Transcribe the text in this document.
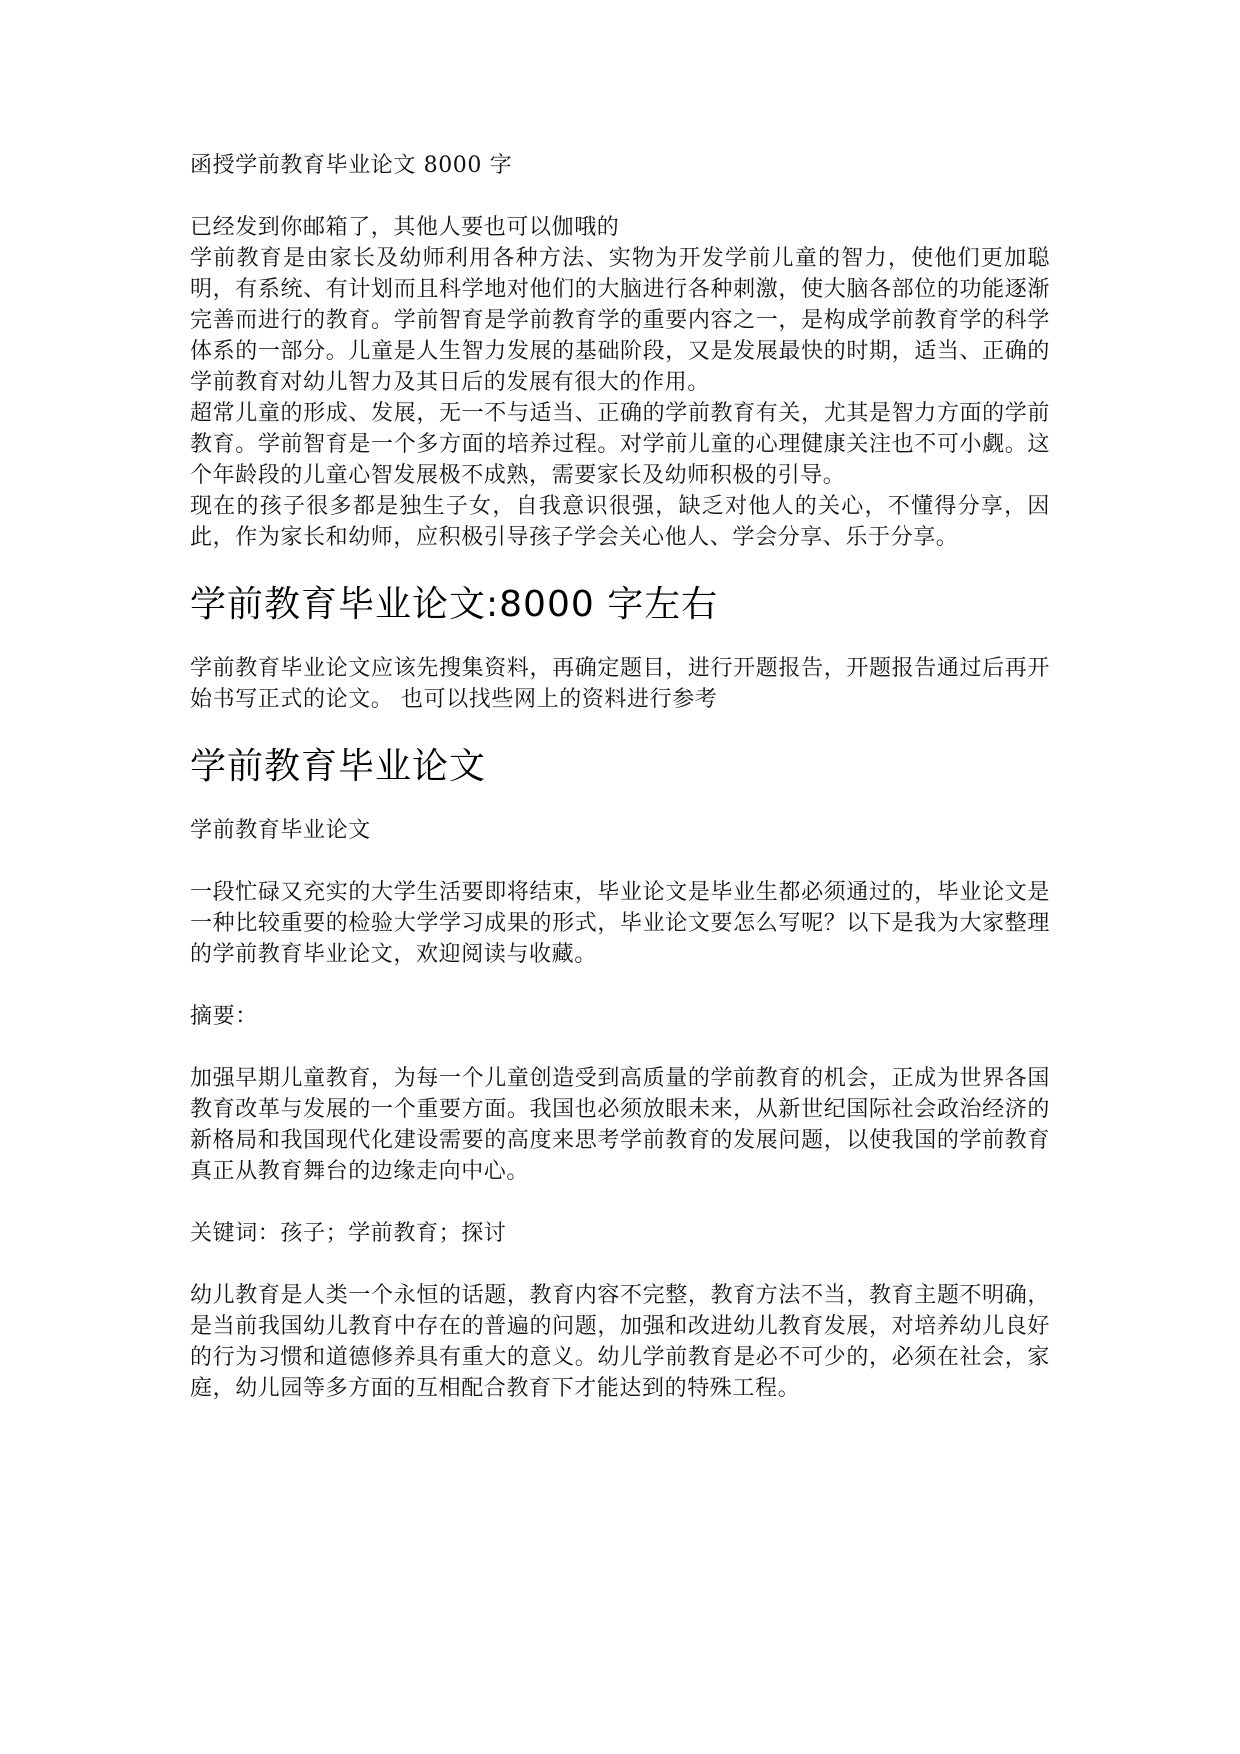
函授学前教育毕业论文 8000 字

已经发到你邮箱了，其他人要也可以伽哦的

学前教育是由家长及幼师利用各种方法、实物为开发学前儿童的智力，使他们更加聪明，有系统、有计划而且科学地对他们的大脑进行各种刺激，使大脑各部位的功能逐渐完善而进行的教育。学前智育是学前教育学的重要内容之一，是构成学前教育学的科学体系的一部分。儿童是人生智力发展的基础阶段，又是发展最快的时期，适当、正确的学前教育对幼儿智力及其日后的发展有很大的作用。

超常儿童的形成、发展，无一不与适当、正确的学前教育有关，尤其是智力方面的学前教育。学前智育是一个多方面的培养过程。对学前儿童的心理健康关注也不可小觑。这个年龄段的儿童心智发展极不成熟，需要家长及幼师积极的引导。

现在的孩子很多都是独生子女，自我意识很强，缺乏对他人的关心，不懂得分享，因此，作为家长和幼师，应积极引导孩子学会关心他人、学会分享、乐于分享。

学前教育毕业论文:8000 字左右

学前教育毕业论文应该先搜集资料，再确定题目，进行开题报告，开题报告通过后再开始书写正式的论文。 也可以找些网上的资料进行参考

学前教育毕业论文

学前教育毕业论文

一段忙碌又充实的大学生活要即将结束，毕业论文是毕业生都必须通过的，毕业论文是一种比较重要的检验大学学习成果的形式，毕业论文要怎么写呢？以下是我为大家整理的学前教育毕业论文，欢迎阅读与收藏。

摘要：

加强早期儿童教育，为每一个儿童创造受到高质量的学前教育的机会，正成为世界各国教育改革与发展的一个重要方面。我国也必须放眼未来，从新世纪国际社会政治经济的新格局和我国现代化建设需要的高度来思考学前教育的发展问题，以使我国的学前教育真正从教育舞台的边缘走向中心。

关键词：孩子；学前教育；探讨

幼儿教育是人类一个永恒的话题，教育内容不完整，教育方法不当，教育主题不明确，是当前我国幼儿教育中存在的普遍的问题，加强和改进幼儿教育发展，对培养幼儿良好的行为习惯和道德修养具有重大的意义。幼儿学前教育是必不可少的，必须在社会，家庭，幼儿园等多方面的互相配合教育下才能达到的特殊工程。
